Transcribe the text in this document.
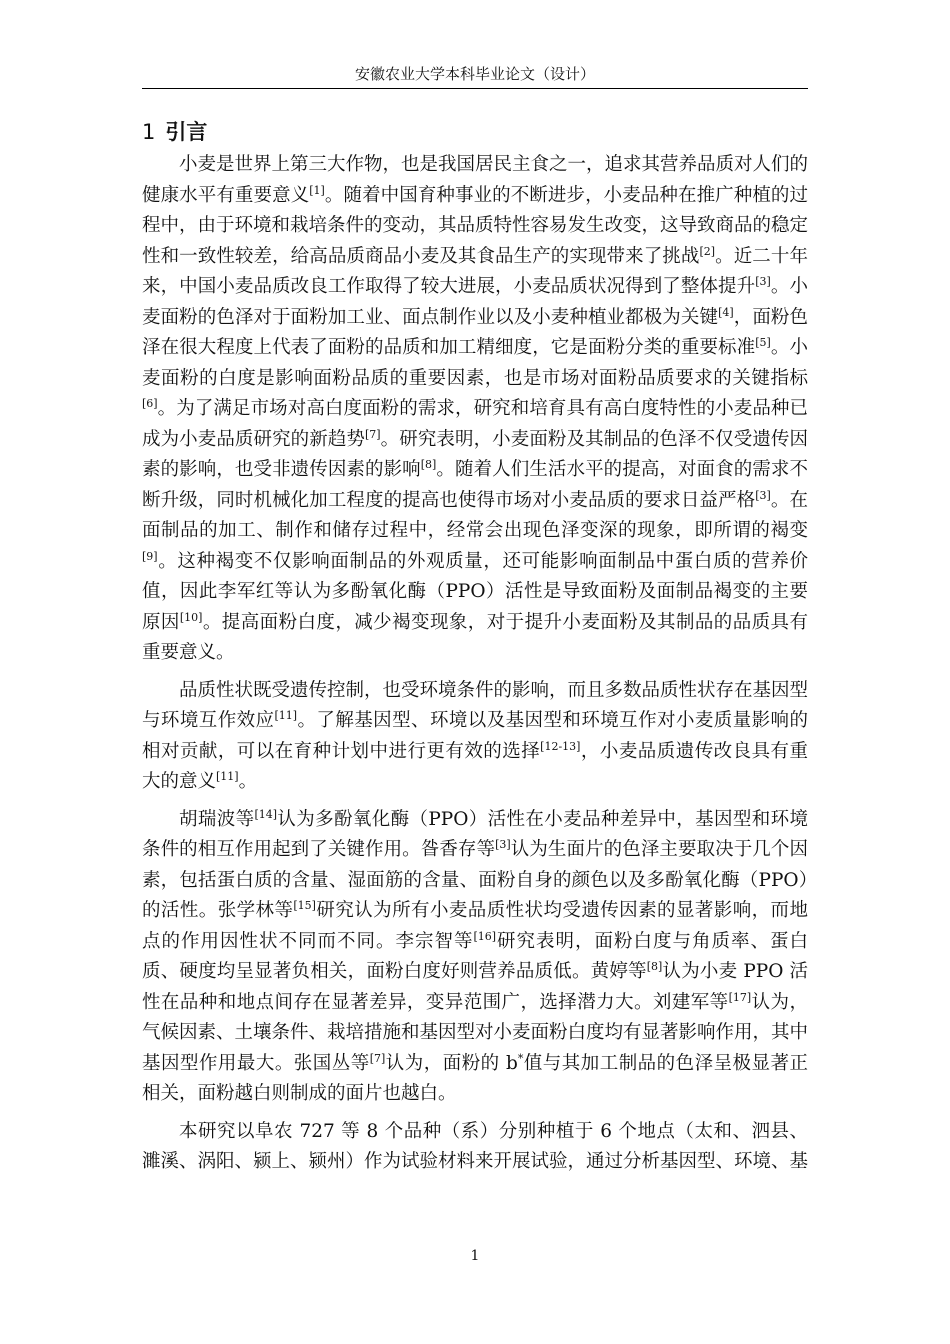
安徽农业大学本科毕业论文（设计）
1 引言

小麦是世界上第三大作物，也是我国居民主食之一，追求其营养品质对人们的健康水平有重要意义[1]。随着中国育种事业的不断进步，小麦品种在推广种植的过程中，由于环境和栽培条件的变动，其品质特性容易发生改变，这导致商品的稳定性和一致性较差，给高品质商品小麦及其食品生产的实现带来了挑战[2]。近二十年来，中国小麦品质改良工作取得了较大进展，小麦品质状况得到了整体提升[3]。小麦面粉的色泽对于面粉加工业、面点制作业以及小麦种植业都极为关键[4]，面粉色泽在很大程度上代表了面粉的品质和加工精细度，它是面粉分类的重要标准[5]。小麦面粉的白度是影响面粉品质的重要因素，也是市场对面粉品质要求的关键指标[6]。为了满足市场对高白度面粉的需求，研究和培育具有高白度特性的小麦品种已成为小麦品质研究的新趋势[7]。研究表明，小麦面粉及其制品的色泽不仅受遗传因素的影响，也受非遗传因素的影响[8]。随着人们生活水平的提高，对面食的需求不断升级，同时机械化加工程度的提高也使得市场对小麦品质的要求日益严格[3]。在面制品的加工、制作和储存过程中，经常会出现色泽变深的现象，即所谓的褐变[9]。这种褐变不仅影响面制品的外观质量，还可能影响面制品中蛋白质的营养价值，因此李军红等认为多酚氧化酶（PPO）活性是导致面粉及面制品褐变的主要原因[10]。提高面粉白度，减少褐变现象，对于提升小麦面粉及其制品的品质具有重要意义。

品质性状既受遗传控制，也受环境条件的影响，而且多数品质性状存在基因型与环境互作效应[11]。了解基因型、环境以及基因型和环境互作对小麦质量影响的相对贡献，可以在育种计划中进行更有效的选择[12-13]，小麦品质遗传改良具有重大的意义[11]。

胡瑞波等[14]认为多酚氧化酶（PPO）活性在小麦品种差异中，基因型和环境条件的相互作用起到了关键作用。昝香存等[3]认为生面片的色泽主要取决于几个因素，包括蛋白质的含量、湿面筋的含量、面粉自身的颜色以及多酚氧化酶（PPO）的活性。张学林等[15]研究认为所有小麦品质性状均受遗传因素的显著影响，而地点的作用因性状不同而不同。李宗智等[16]研究表明，面粉白度与角质率、蛋白质、硬度均呈显著负相关，面粉白度好则营养品质低。黄婷等[8]认为小麦 PPO 活性在品种和地点间存在显著差异，变异范围广，选择潜力大。刘建军等[17]认为，气候因素、土壤条件、栽培措施和基因型对小麦面粉白度均有显著影响作用，其中基因型作用最大。张国丛等[7]认为，面粉的 b*值与其加工制品的色泽呈极显著正相关，面粉越白则制成的面片也越白。

本研究以阜农 727 等 8 个品种（系）分别种植于 6 个地点（太和、泗县、濉溪、涡阳、颍上、颍州）作为试验材料来开展试验，通过分析基因型、环境、基

1
